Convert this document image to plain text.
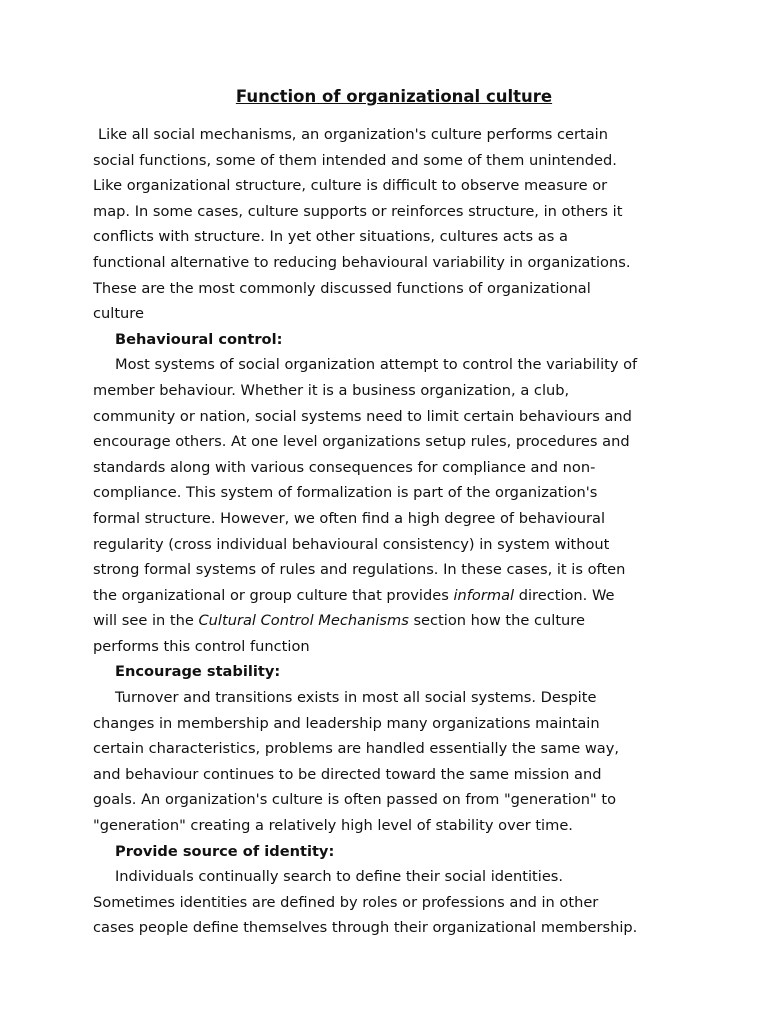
Function of organizational culture
Like all social mechanisms, an organization's culture performs certain
social functions, some of them intended and some of them unintended.
Like organizational structure, culture is difficult to observe measure or
map. In some cases, culture supports or reinforces structure, in others it
conflicts with structure. In yet other situations, cultures acts as a
functional alternative to reducing behavioural variability in organizations.
These are the most commonly discussed functions of organizational
culture
Behavioural control:
Most systems of social organization attempt to control the variability of
member behaviour. Whether it is a business organization, a club,
community or nation, social systems need to limit certain behaviours and
encourage others. At one level organizations setup rules, procedures and
standards along with various consequences for compliance and non-
compliance. This system of formalization is part of the organization's
formal structure. However, we often find a high degree of behavioural
regularity (cross individual behavioural consistency) in system without
strong formal systems of rules and regulations. In these cases, it is often
the organizational or group culture that provides informal direction. We
will see in the Cultural Control Mechanisms section how the culture
performs this control function
Encourage stability:
Turnover and transitions exists in most all social systems. Despite
changes in membership and leadership many organizations maintain
certain characteristics, problems are handled essentially the same way,
and behaviour continues to be directed toward the same mission and
goals. An organization's culture is often passed on from "generation" to
"generation" creating a relatively high level of stability over time.
Provide source of identity:
Individuals continually search to define their social identities.
Sometimes identities are defined by roles or professions and in other
cases people define themselves through their organizational membership.
